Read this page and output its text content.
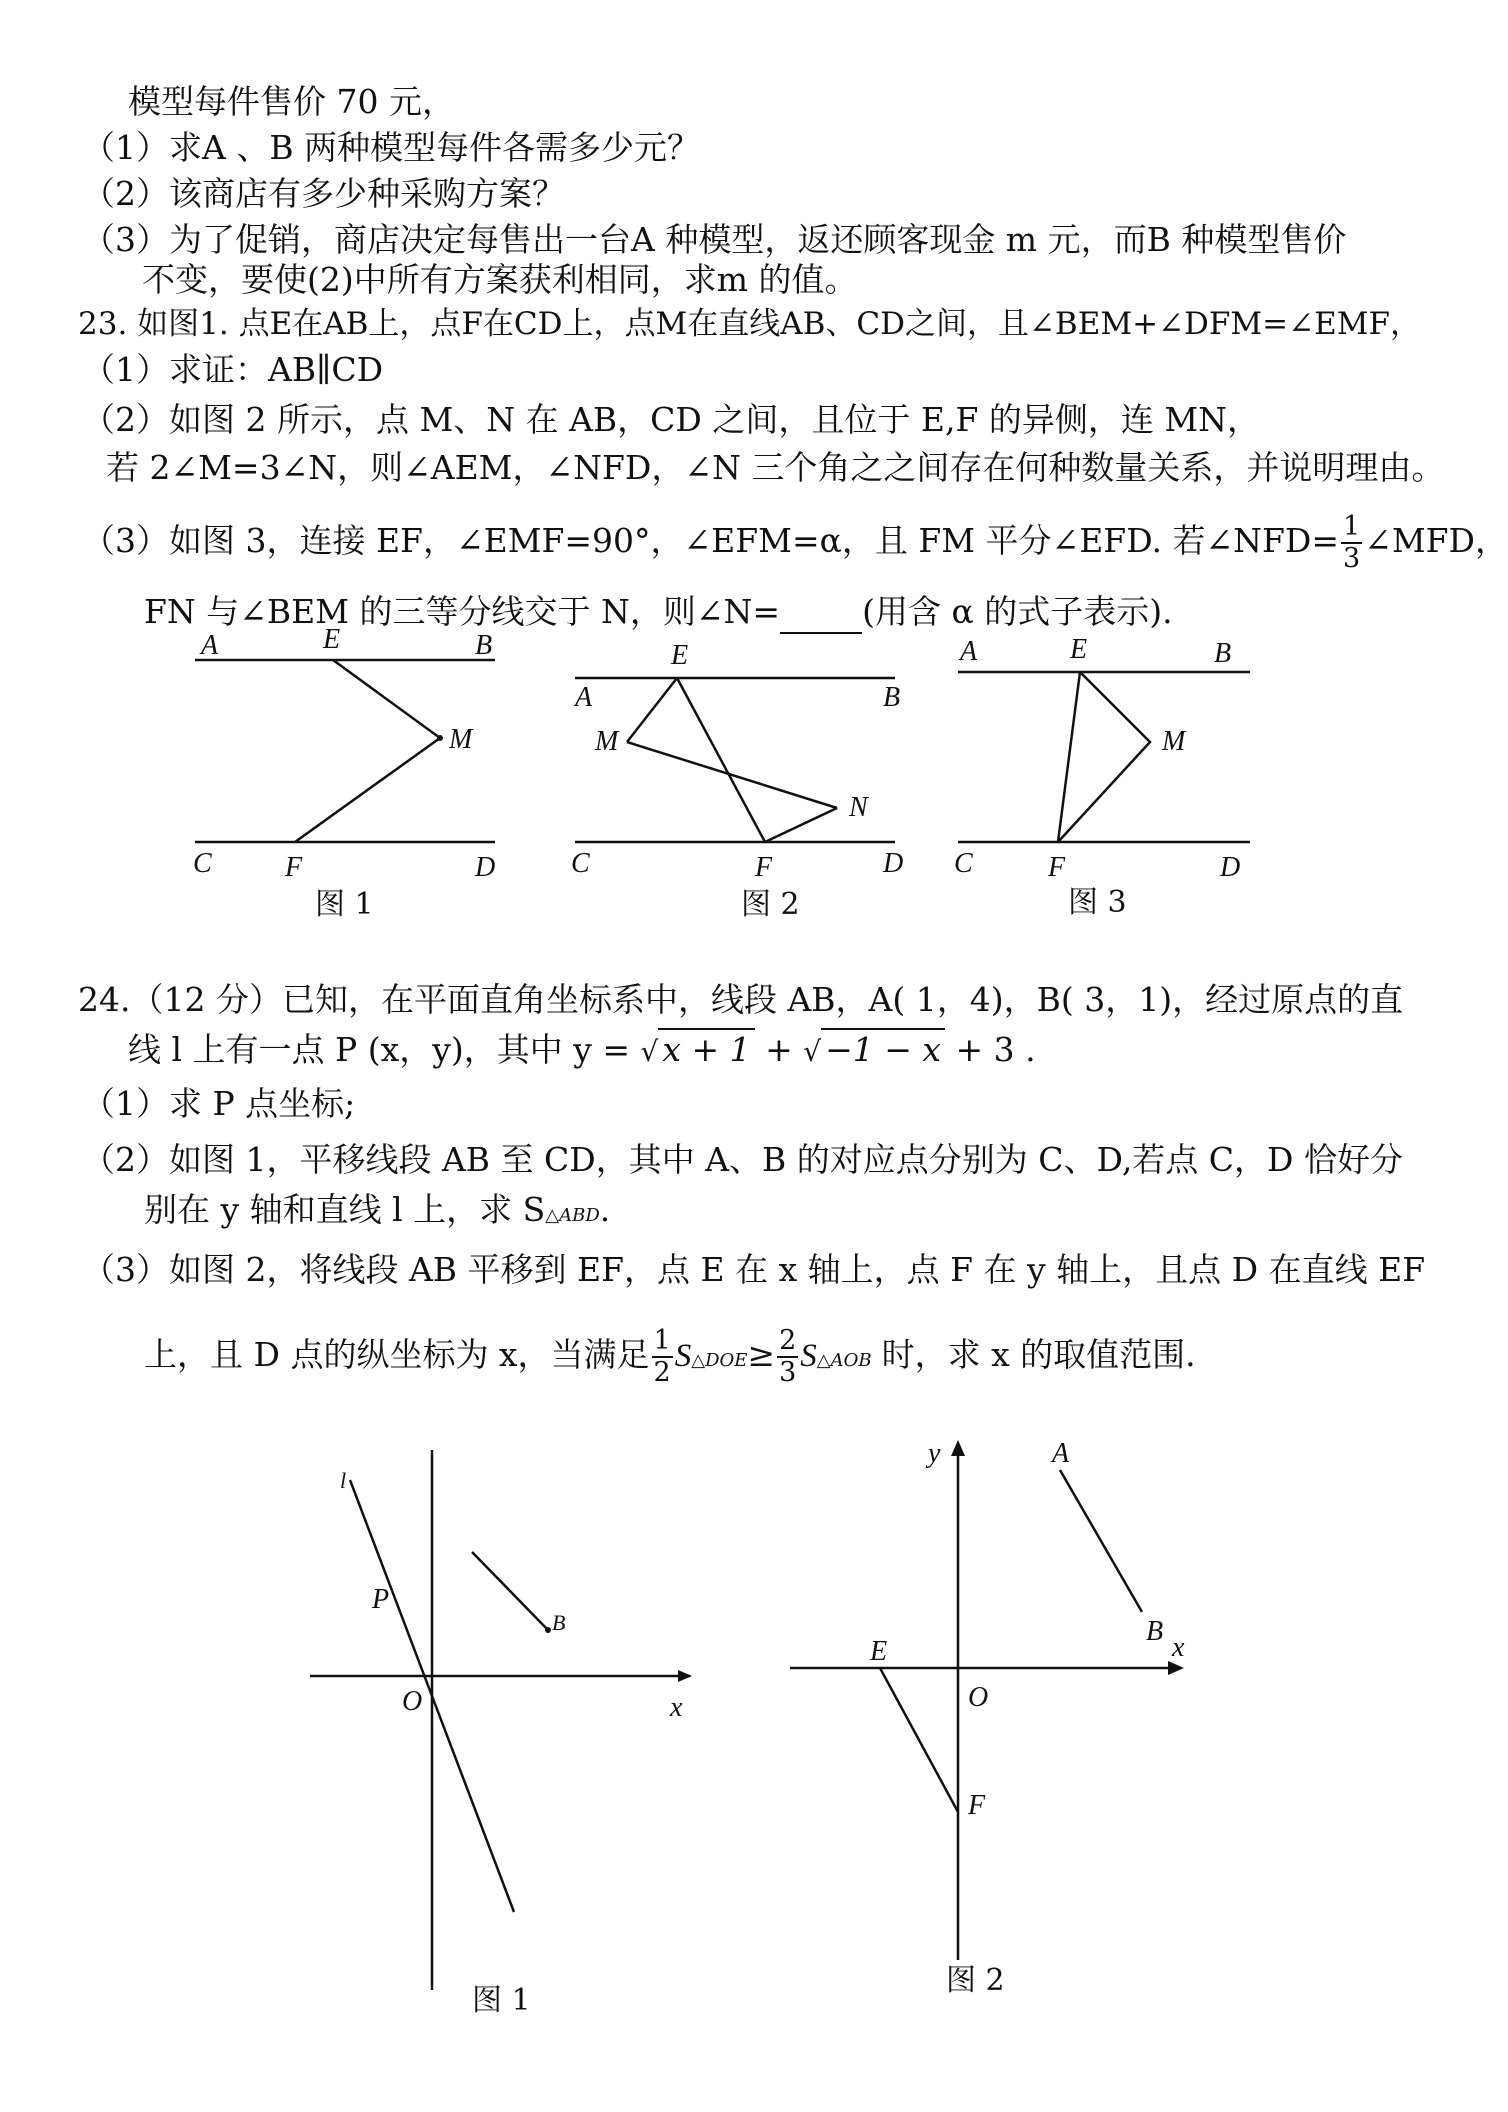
模型每件售价 70 元，
（1）求A 、B 两种模型每件各需多少元？
（2）该商店有多少种采购方案？
（3）为了促销，商店决定每售出一台A 种模型，返还顾客现金 m 元，而B 种模型售价
不变，要使(2)中所有方案获利相同，求m 的值。
23. 如图1. 点E在AB上，点F在CD上，点M在直线AB、CD之间，且∠BEM+∠DFM=∠EMF，
（1）求证：AB∥CD
（2）如图 2 所示，点 M、N 在 AB，CD 之间，且位于 E,F 的异侧，连 MN，
若 2∠M=3∠N，则∠AEM，∠NFD，∠N 三个角之之间存在何种数量关系，并说明理由。
（3）如图 3，连接 EF，∠EMF=90°，∠EFM=α，且 FM 平分∠EFD. 若∠NFD= $\frac{1}{3}$ ∠MFD，
FN 与∠BEM 的三等分线交于 N，则∠N= (用含 α 的式子表示).
A	E	B
M
C	F	D
图 1
A
E
B
M
N
C	F	D
图 2
A	E	B
M
C	F	D
图 3
24.（12 分）已知，在平面直角坐标系中，线段 AB，A( 1，4)，B( 3，1)，经过原点的直
线 l 上有一点 P (x，y)，其中 y = √ x + 1 + √ −1 − x + 3 .
（1）求 P 点坐标;
（2）如图 1，平移线段 AB 至 CD，其中 A、B 的对应点分别为 C、D,若点 C，D 恰好分
别在 y 轴和直线 l 上，求 S△ABD.
（3）如图 2，将线段 AB 平移到 EF，点 E 在 x 轴上，点 F 在 y 轴上，且点 D 在直线 EF
上，且 D 点的纵坐标为 x，当满足 $\frac{1}{2}$ S△DOE≥ $\frac{2}{3}$ S△AOB 时，求 x 的取值范围.
l
P
B
O	x
图 1
y	A
B
x
E
O
F
图 2
